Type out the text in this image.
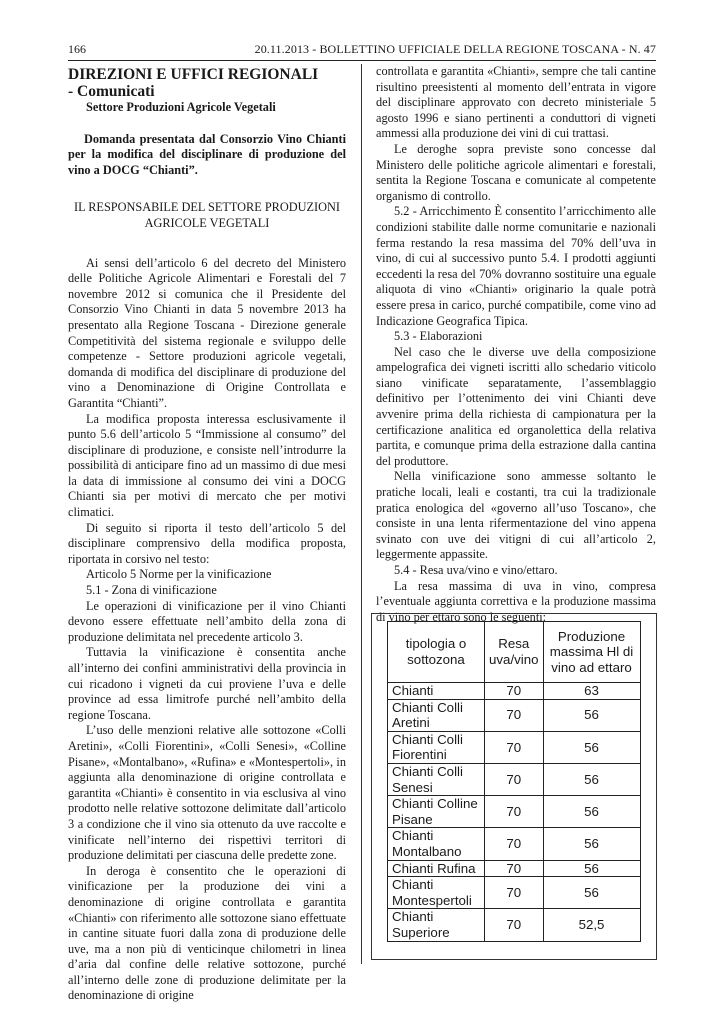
166	20.11.2013 - BOLLETTINO UFFICIALE DELLA REGIONE TOSCANA - N. 47
DIREZIONI E UFFICI REGIONALI
- Comunicati

Settore Produzioni Agricole Vegetali

Domanda presentata dal Consorzio Vino Chianti per la modifica del disciplinare di produzione del vino a DOCG “Chianti”.

IL RESPONSABILE DEL SETTORE PRODUZIONI
AGRICOLE VEGETALI

Ai sensi dell’articolo 6 del decreto del Ministero delle Politiche Agricole Alimentari e Forestali del 7 novembre 2012 si comunica che il Presidente del Consorzio Vino Chianti in data 5 novembre 2013 ha presentato alla Regione Toscana - Direzione generale Competitività del sistema regionale e sviluppo delle competenze - Settore produzioni agricole vegetali, domanda di modifica del disciplinare di produzione del vino a Denominazione di Origine Controllata e Garantita “Chianti”.

La modifica proposta interessa esclusivamente il punto 5.6 dell’articolo 5 “Immissione al consumo” del disciplinare di produzione, e consiste nell’introdurre la possibilità di anticipare fino ad un massimo di due mesi la data di immissione al consumo dei vini a DOCG Chianti sia per motivi di mercato che per motivi climatici.

Di seguito si riporta il testo dell’articolo 5 del disciplinare comprensivo della modifica proposta, riportata in corsivo nel testo:

Articolo 5 Norme per la vinificazione

5.1 - Zona di vinificazione

Le operazioni di vinificazione per il vino Chianti devono essere effettuate nell’ambito della zona di produzione delimitata nel precedente articolo 3.

Tuttavia la vinificazione è consentita anche all’interno dei confini amministrativi della provincia in cui ricadono i vigneti da cui proviene l’uva e delle province ad essa limitrofe purché nell’ambito della regione Toscana.

L’uso delle menzioni relative alle sottozone «Colli Aretini», «Colli Fiorentini», «Colli Senesi», «Colline Pisane», «Montalbano», «Rufina» e «Montespertoli», in aggiunta alla denominazione di origine controllata e garantita «Chianti» è consentito in via esclusiva al vino prodotto nelle relative sottozone delimitate dall’articolo 3 a condizione che il vino sia ottenuto da uve raccolte e vinificate nell’interno dei rispettivi territori di produzione delimitati per ciascuna delle predette zone.

In deroga è consentito che le operazioni di vinificazione per la produzione dei vini a denominazione di origine controllata e garantita «Chianti» con riferimento alle sottozone siano effettuate in cantine situate fuori dalla zona di produzione delle uve, ma a non più di venticinque chilometri in linea d’aria dal confine delle relative sottozone, purché all’interno delle zone di produzione delimitate per la denominazione di origine

controllata e garantita «Chianti», sempre che tali cantine risultino preesistenti al momento dell’entrata in vigore del disciplinare approvato con decreto ministeriale 5 agosto 1996 e siano pertinenti a conduttori di vigneti ammessi alla produzione dei vini di cui trattasi.

Le deroghe sopra previste sono concesse dal Ministero delle politiche agricole alimentari e forestali, sentita la Regione Toscana e comunicate al competente organismo di controllo.

5.2 - Arricchimento È consentito l’arricchimento alle condizioni stabilite dalle norme comunitarie e nazionali ferma restando la resa massima del 70% dell’uva in vino, di cui al successivo punto 5.4. I prodotti aggiunti eccedenti la resa del 70% dovranno sostituire una eguale aliquota di vino «Chianti» originario la quale potrà essere presa in carico, purché compatibile, come vino ad Indicazione Geografica Tipica.

5.3 - Elaborazioni

Nel caso che le diverse uve della composizione ampelografica dei vigneti iscritti allo schedario viticolo siano vinificate separatamente, l’assemblaggio definitivo per l’ottenimento dei vini Chianti deve avvenire prima della richiesta di campionatura per la certificazione analitica ed organolettica della relativa partita, e comunque prima della estrazione dalla cantina del produttore.

Nella vinificazione sono ammesse soltanto le pratiche locali, leali e costanti, tra cui la tradizionale pratica enologica del «governo all’uso Toscano», che consiste in una lenta rifermentazione del vino appena svinato con uve dei vitigni di cui all’articolo 2, leggermente appassite.

5.4 - Resa uva/vino e vino/ettaro.

La resa massima di uva in vino, compresa l’eventuale aggiunta correttiva e la produzione massima di vino per ettaro sono le seguenti:

tipologia o sottozona	Resa uva/vino	Produzione massima Hl di vino ad ettaro
Chianti	70	63
Chianti Colli Aretini	70	56
Chianti Colli Fiorentini	70	56
Chianti Colli Senesi	70	56
Chianti Colline Pisane	70	56
Chianti Montalbano	70	56
Chianti Rufina	70	56
Chianti Montespertoli	70	56
Chianti Superiore	70	52,5
